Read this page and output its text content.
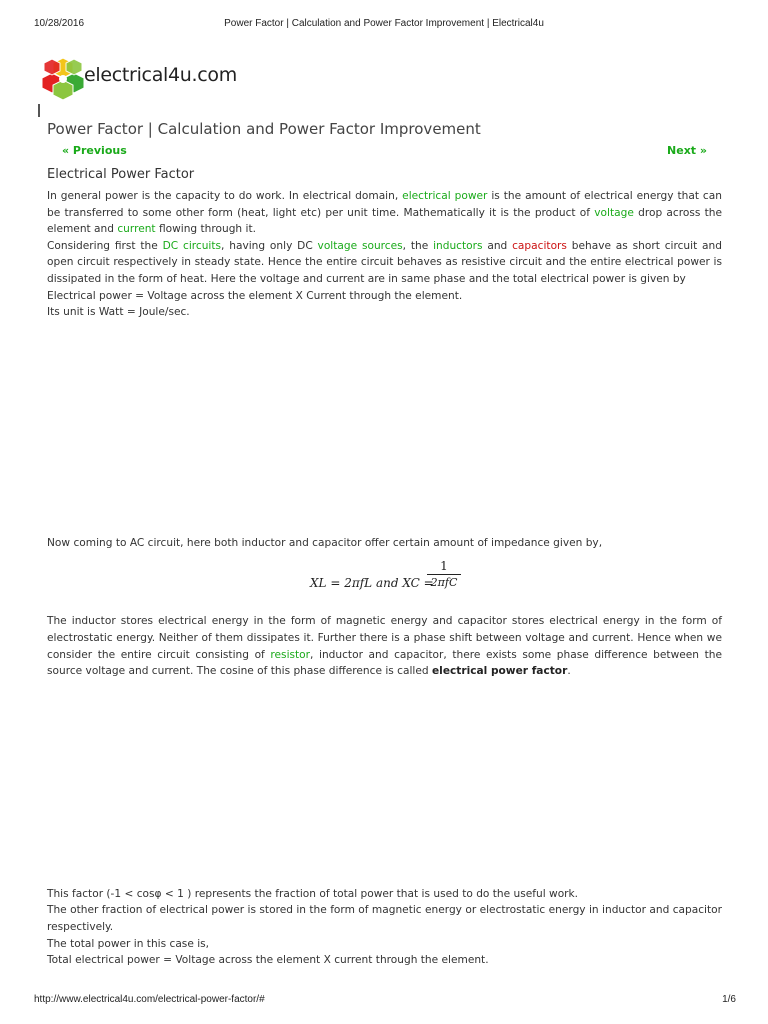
10/28/2016	Power Factor | Calculation and Power Factor Improvement | Electrical4u
electrical4u.com
Power Factor | Calculation and Power Factor Improvement
« Previous	Next »
Electrical Power Factor

In general power is the capacity to do work. In electrical domain, electrical power is the amount of electrical energy that can be transferred to some other form (heat, light etc) per unit time. Mathematically it is the product of voltage drop across the element and current flowing through it.

Considering first the DC circuits, having only DC voltage sources, the inductors and capacitors behave as short circuit and open circuit respectively in steady state. Hence the entire circuit behaves as resistive circuit and the entire electrical power is dissipated in the form of heat. Here the voltage and current are in same phase and the total electrical power is given by

Electrical power = Voltage across the element X Current through the element.

Its unit is Watt = Joule/sec.

Now coming to AC circuit, here both inductor and capacitor offer certain amount of impedance given by,

XL = 2πfL and XC =
1
2πfC

The inductor stores electrical energy in the form of magnetic energy and capacitor stores electrical energy in the form of electrostatic energy. Neither of them dissipates it. Further there is a phase shift between voltage and current. Hence when we consider the entire circuit consisting of resistor, inductor and capacitor, there exists some phase difference between the source voltage and current. The cosine of this phase difference is called electrical power factor.

This factor (-1 < cosφ < 1 ) represents the fraction of total power that is used to do the useful work.

The other fraction of electrical power is stored in the form of magnetic energy or electrostatic energy in inductor and capacitor respectively.

The total power in this case is,

Total electrical power = Voltage across the element X current through the element.

http://www.electrical4u.com/electrical-power-factor/#	1/6
